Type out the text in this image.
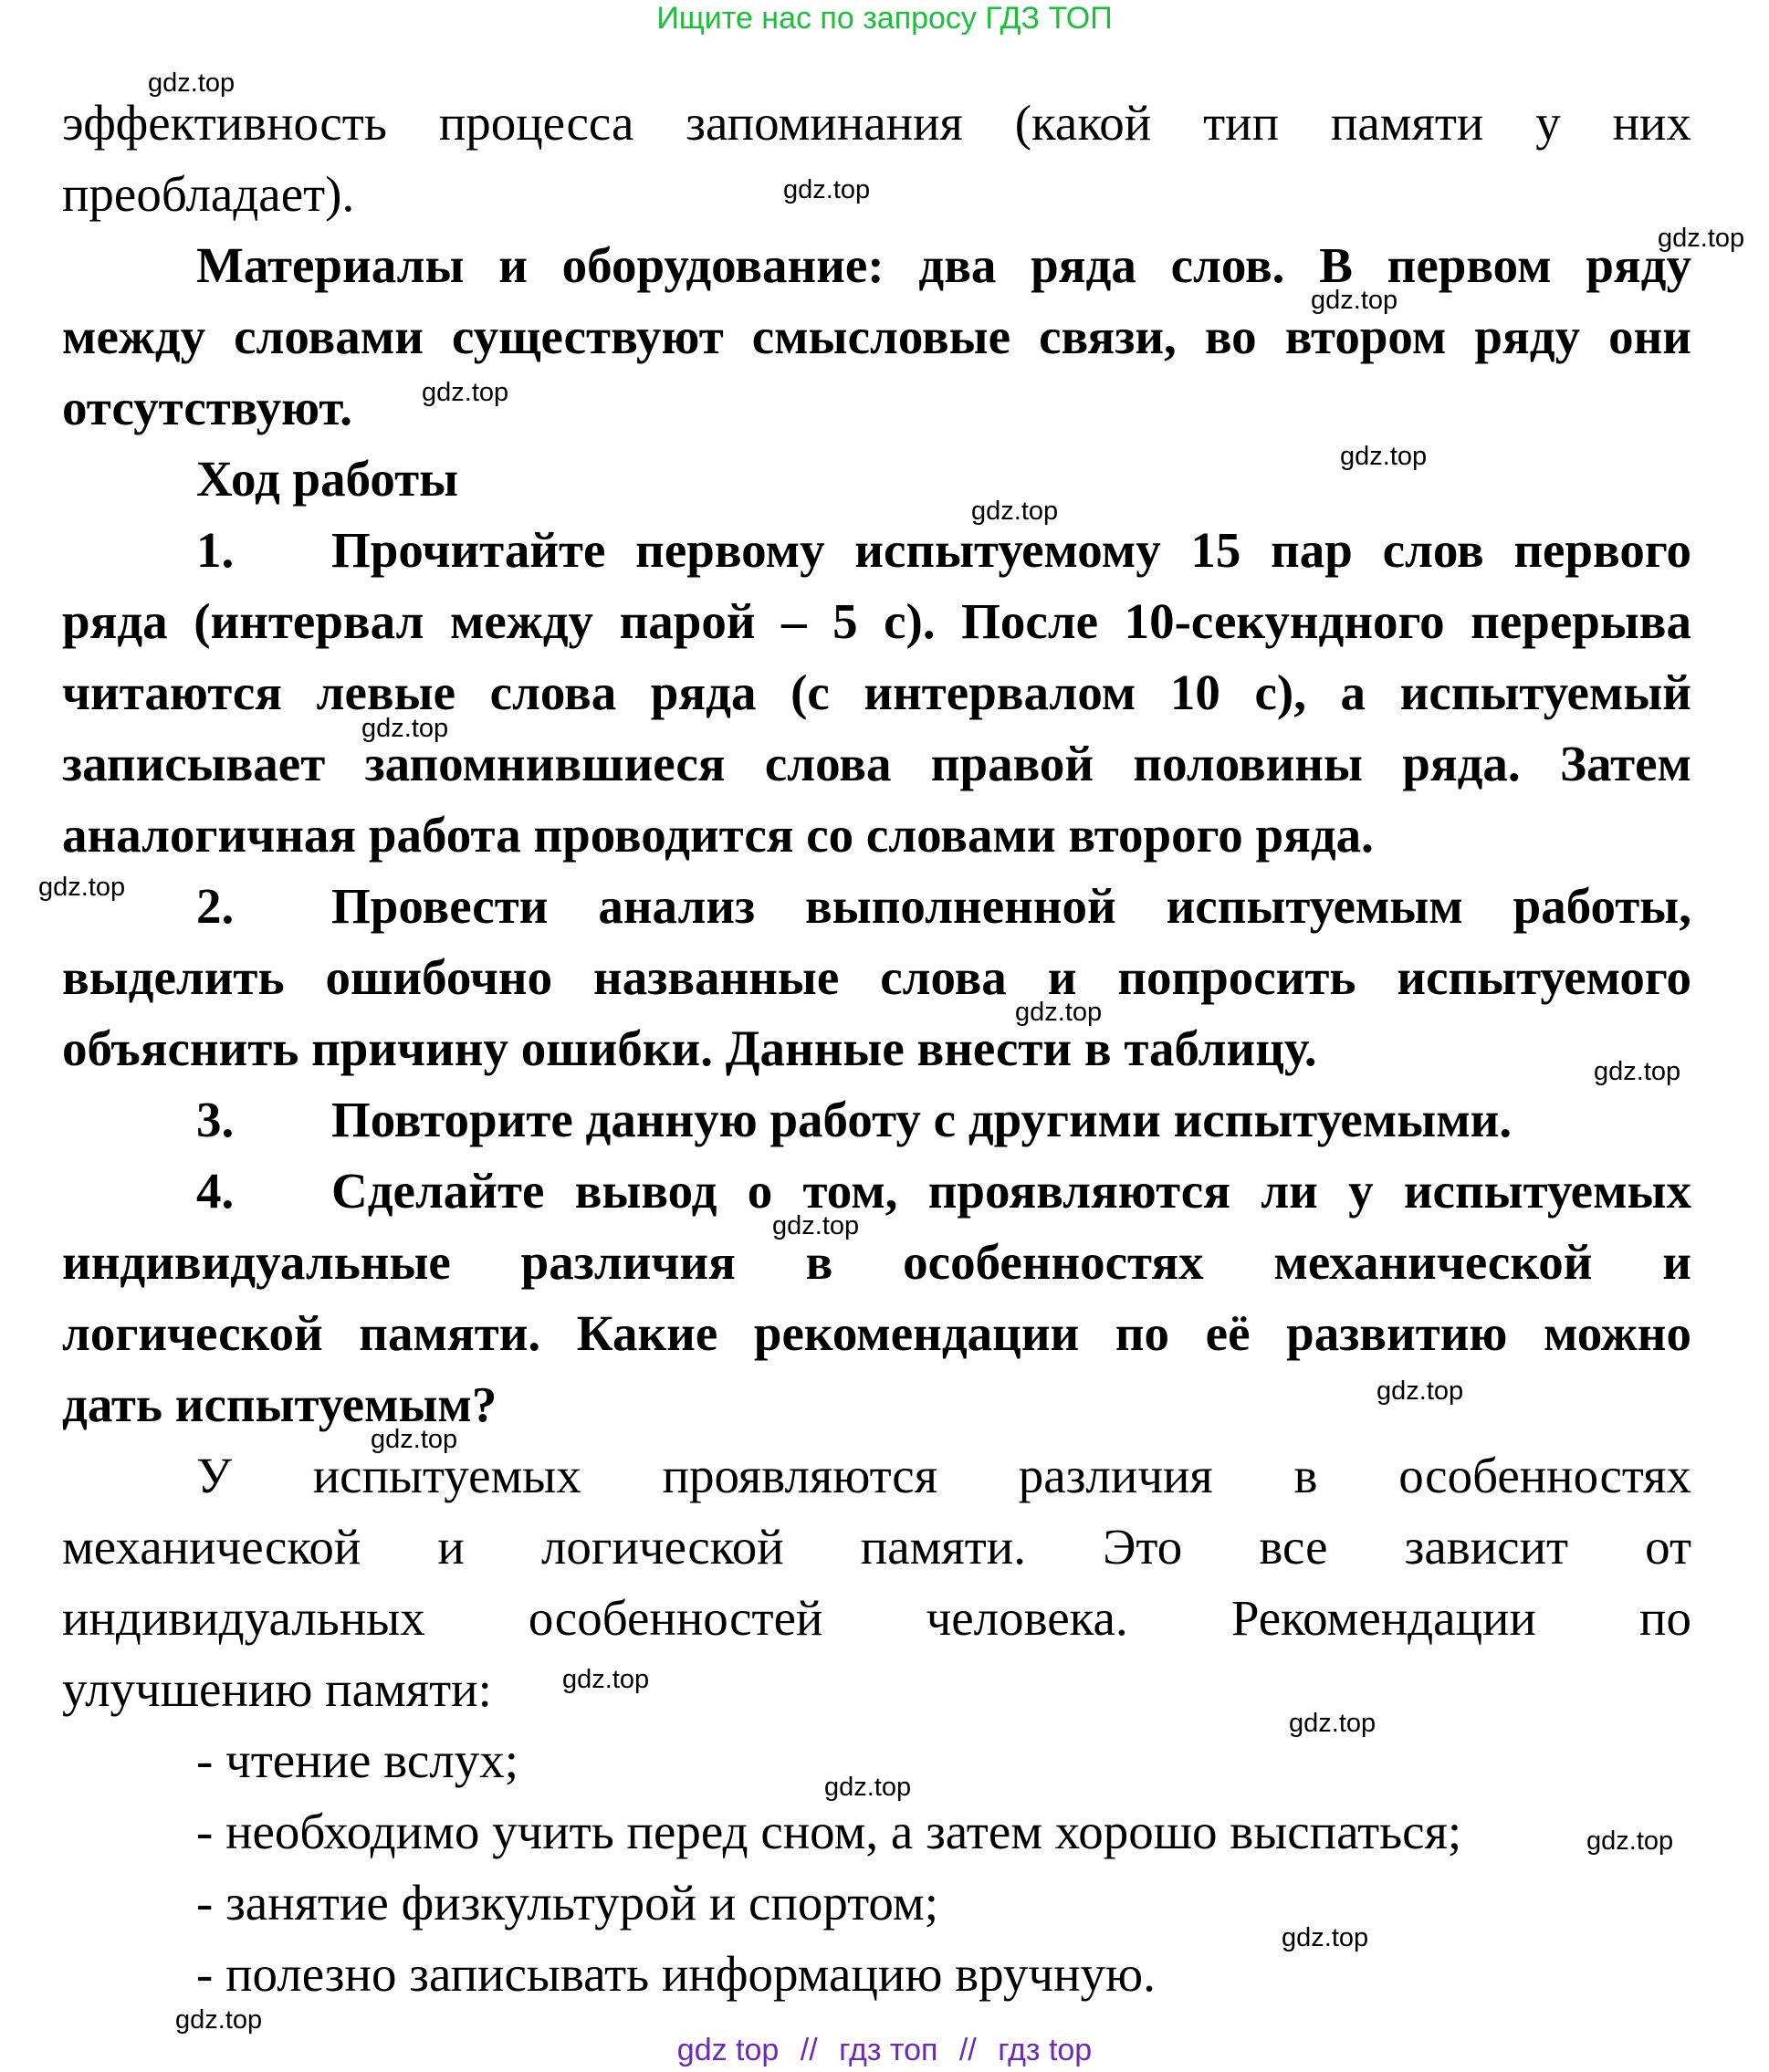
Ищите нас по запросу ГДЗ ТОП
эффективность процесса запоминания (какой тип памяти у них
преобладает).
Материалы и оборудование: два ряда слов. В первом ряду
между словами существуют смысловые связи, во втором ряду они
отсутствуют.
Ход работы
1.	Прочитайте первому испытуемому 15 пар слов первого
ряда (интервал между парой – 5 с). После 10-секундного перерыва
читаются левые слова ряда (с интервалом 10 с), а испытуемый
записывает запомнившиеся слова правой половины ряда. Затем
аналогичная работа проводится со словами второго ряда.
2.	Провести анализ выполненной испытуемым работы,
выделить ошибочно названные слова и попросить испытуемого
объяснить причину ошибки. Данные внести в таблицу.
3.	Повторите данную работу с другими испытуемыми.
4.	Сделайте вывод о том, проявляются ли у испытуемых
индивидуальные различия в особенностях механической и
логической памяти. Какие рекомендации по её развитию можно
дать испытуемым?
У испытуемых проявляются различия в особенностях
механической и логической памяти. Это все зависит от
индивидуальных особенностей человека. Рекомендации по
улучшению памяти:
- чтение вслух;
- необходимо учить перед сном, а затем хорошо выспаться;
- занятие физкультурой и спортом;
- полезно записывать информацию вручную.
gdz.top
gdz.top
gdz.top
gdz.top
gdz.top
gdz.top
gdz.top
gdz.top
gdz.top
gdz.top
gdz.top
gdz.top
gdz.top
gdz.top
gdz.top
gdz.top
gdz.top
gdz.top
gdz.top
gdz.top
gdz top // гдз топ // гдз top
